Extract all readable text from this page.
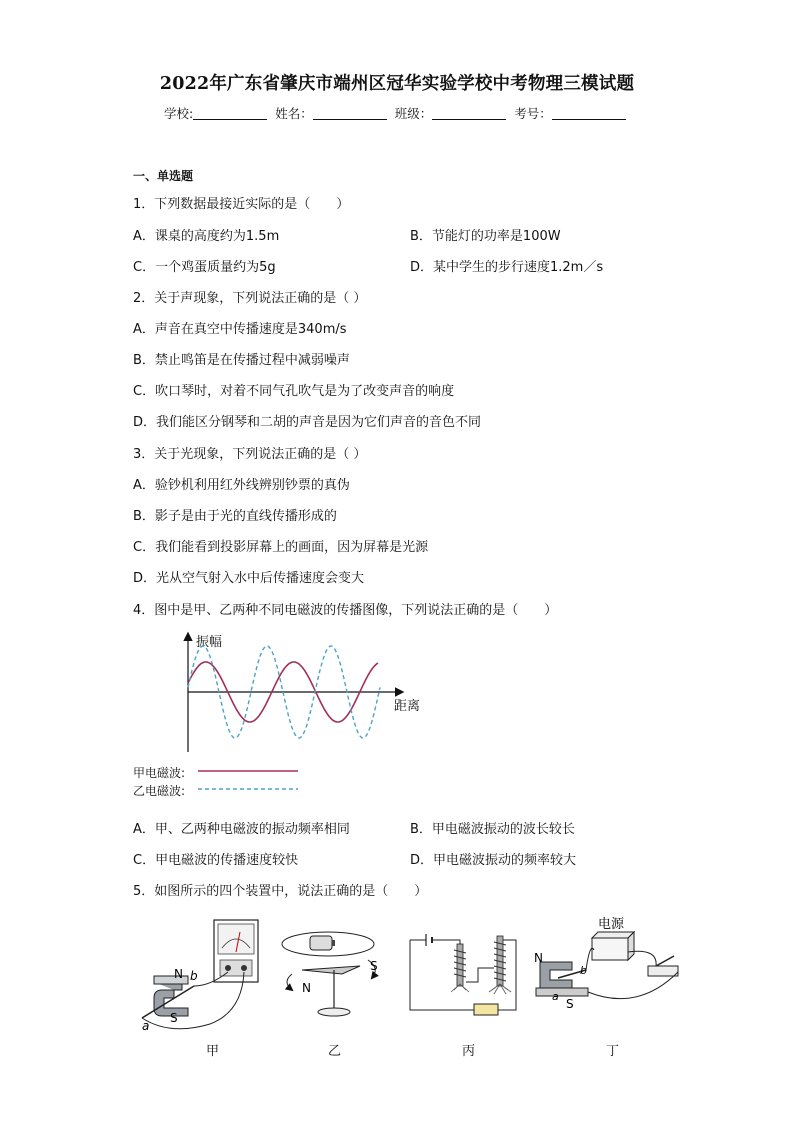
2022年广东省肇庆市端州区冠华实验学校中考物理三模试题
学校:	姓名：	班级：	考号：
一、单选题
1．下列数据最接近实际的是（　　）
A．课桌的高度约为1.5m	B．节能灯的功率是100W
C．一个鸡蛋质量约为5g	D．某中学生的步行速度1.2m／s
2．关于声现象，下列说法正确的是（ ）
A．声音在真空中传播速度是340m/s
B．禁止鸣笛是在传播过程中减弱噪声
C．吹口琴时，对着不同气孔吹气是为了改变声音的响度
D．我们能区分钢琴和二胡的声音是因为它们声音的音色不同
3．关于光现象，下列说法正确的是（ ）
A．验钞机利用红外线辨别钞票的真伪
B．影子是由于光的直线传播形成的
C．我们能看到投影屏幕上的画面，因为屏幕是光源
D．光从空气射入水中后传播速度会变大
4．图中是甲、乙两种不同电磁波的传播图像，下列说法正确的是（　　）
振幅
距离
甲电磁波:
乙电磁波:
A．甲、乙两种电磁波的振动频率相同	B．甲电磁波振动的波长较长
C．甲电磁波的传播速度较快	D．甲电磁波振动的频率较大
5．如图所示的四个装置中，说法正确的是（　　）
N b
S
a
N
S
电源
N
S
a
b
甲	乙	丙	丁
